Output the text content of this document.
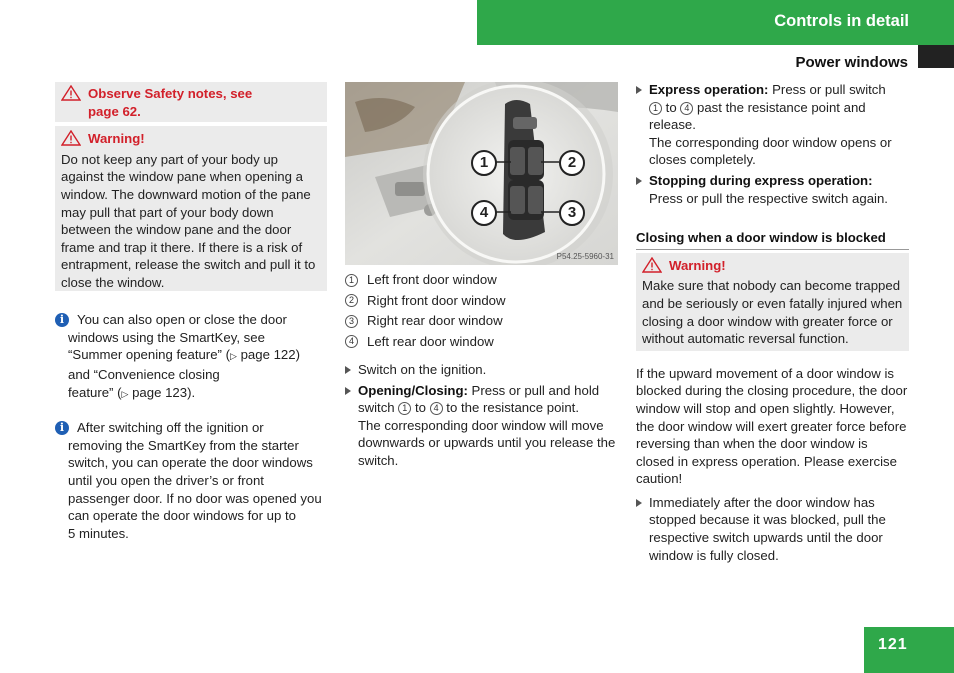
Controls in detail
Power windows
Observe Safety notes, see
page 62.
Warning!
Do not keep any part of your body up against the window pane when opening a window. The downward motion of the pane may pull that part of your body down between the window pane and the door frame and trap it there. If there is a risk of entrapment, release the switch and pull it to close the window.
i You can also open or close the door
windows using the SmartKey, see
“Summer opening feature” (▷ page 122)
and “Convenience closing
feature” (▷ page 123).
i After switching off the ignition or
removing the SmartKey from the starter switch, you can operate the door windows until you open the driver’s or front passenger door. If no door was opened you can operate the door windows for up to 5 minutes.
1	2
3
4
P54.25-5960-31
1 Left front door window
2 Right front door window
3 Right rear door window
4 Left rear door window
Switch on the ignition.
Opening/Closing: Press or pull and hold
switch 1 to 4 to the resistance point.
The corresponding door window will move downwards or upwards until you release the switch.
Express operation: Press or pull switch
1 to 4 past the resistance point and
release.
The corresponding door window opens or closes completely.
Stopping during express operation:
Press or pull the respective switch again.
Closing when a door window is blocked
Warning!
Make sure that nobody can become trapped and be seriously or even fatally injured when closing a door window with greater force or without automatic reversal function.
If the upward movement of a door window is blocked during the closing procedure, the door window will stop and open slightly. However, the door window will exert greater force before reversing than when the door window is closed in express operation. Please exercise caution!
Immediately after the door window has stopped because it was blocked, pull the respective switch upwards until the door window is fully closed.
121
